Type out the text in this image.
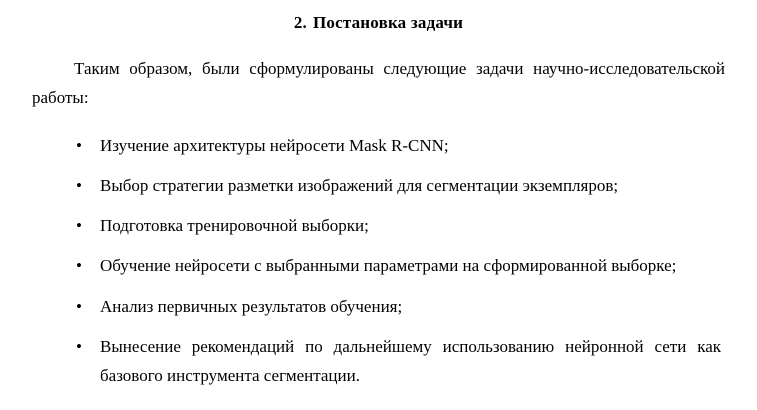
2. Постановка задачи

Таким образом, были сформулированы следующие задачи научно-исследовательской работы:

• Изучение архитектуры нейросети Mask R-CNN;
• Выбор стратегии разметки изображений для сегментации экземпляров;
• Подготовка тренировочной выборки;
• Обучение нейросети с выбранными параметрами на сформированной выборке;
• Анализ первичных результатов обучения;
• Вынесение рекомендаций по дальнейшему использованию нейронной сети как базового инструмента сегментации.
